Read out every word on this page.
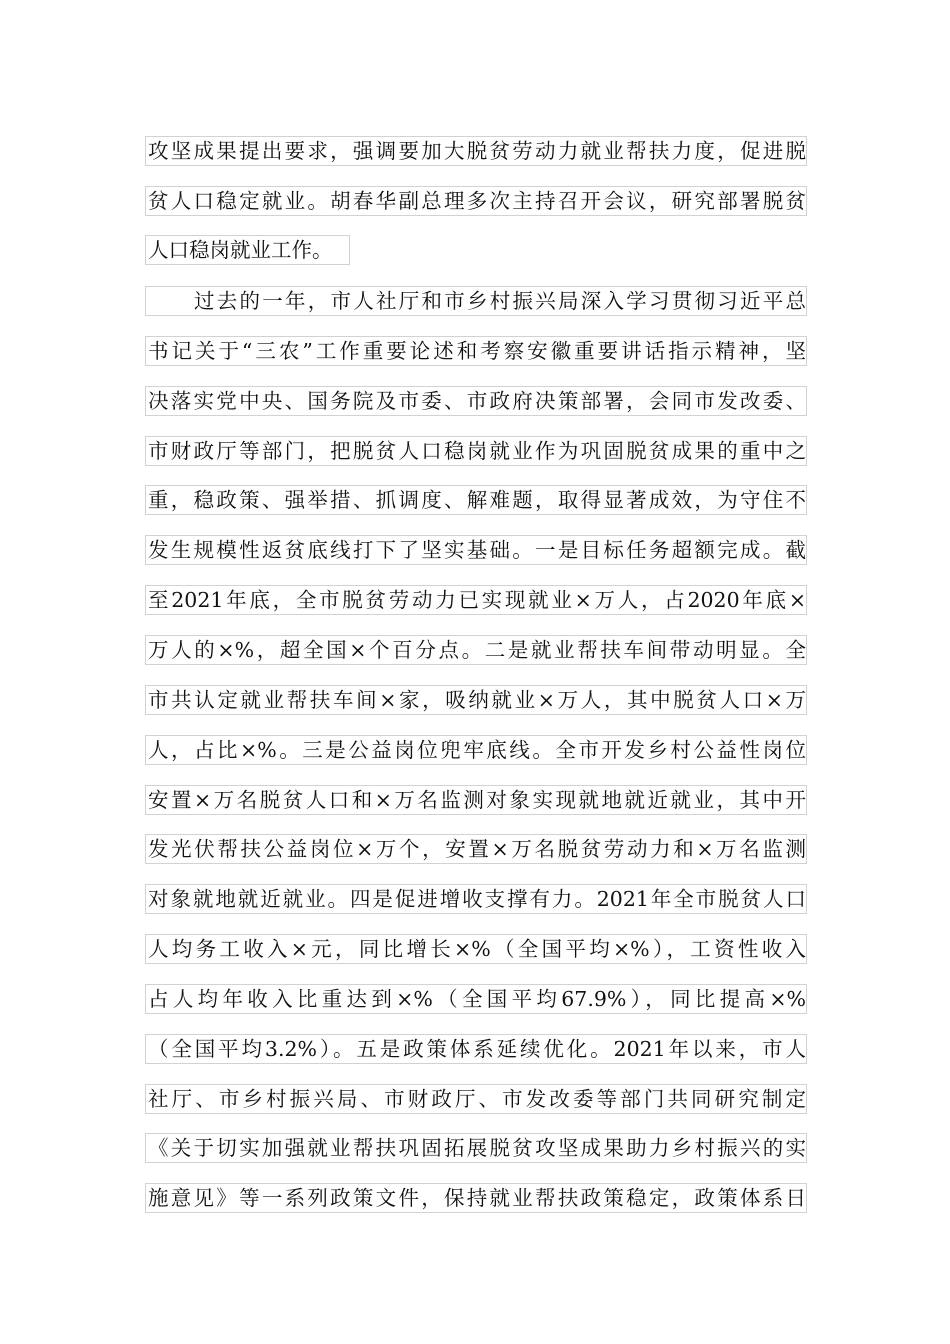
攻坚成果提出要求，强调要加大脱贫劳动力就业帮扶力度，促进脱
贫人口稳定就业。胡春华副总理多次主持召开会议，研究部署脱贫
人口稳岗就业工作。
过去的一年，市人社厅和市乡村振兴局深入学习贯彻习近平总
书记关于“三农”工作重要论述和考察安徽重要讲话指示精神，坚
决落实党中央、国务院及市委、市政府决策部署，会同市发改委、
市财政厅等部门，把脱贫人口稳岗就业作为巩固脱贫成果的重中之
重，稳政策、强举措、抓调度、解难题，取得显著成效，为守住不
发生规模性返贫底线打下了坚实基础。一是目标任务超额完成。截
至2021年底，全市脱贫劳动力已实现就业×万人，占2020年底×
万人的×%，超全国×个百分点。二是就业帮扶车间带动明显。全
市共认定就业帮扶车间×家，吸纳就业×万人，其中脱贫人口×万
人，占比×%。三是公益岗位兜牢底线。全市开发乡村公益性岗位
安置×万名脱贫人口和×万名监测对象实现就地就近就业，其中开
发光伏帮扶公益岗位×万个，安置×万名脱贫劳动力和×万名监测
对象就地就近就业。四是促进增收支撑有力。2021年全市脱贫人口
人均务工收入×元，同比增长×%（全国平均×%），工资性收入
占人均年收入比重达到×%（全国平均67.9%），同比提高×%
（全国平均3.2%）。五是政策体系延续优化。2021年以来，市人
社厅、市乡村振兴局、市财政厅、市发改委等部门共同研究制定
《关于切实加强就业帮扶巩固拓展脱贫攻坚成果助力乡村振兴的实
施意见》等一系列政策文件，保持就业帮扶政策稳定，政策体系日
